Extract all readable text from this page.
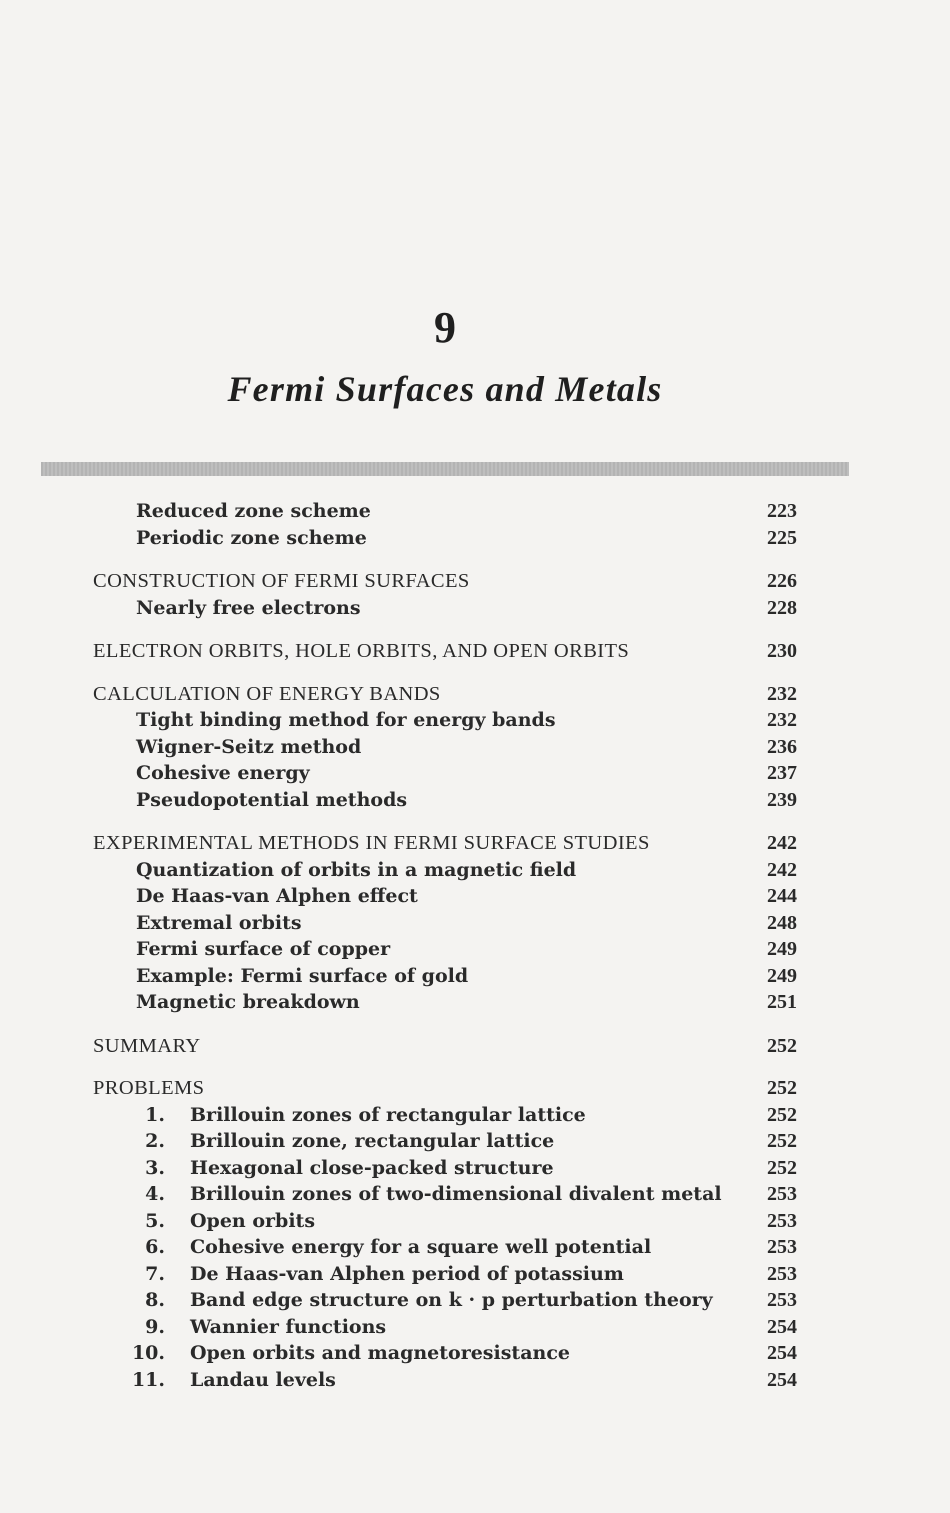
9
Fermi Surfaces and Metals
Reduced zone scheme	223
Periodic zone scheme	225
CONSTRUCTION OF FERMI SURFACES	226
Nearly free electrons	228
ELECTRON ORBITS, HOLE ORBITS, AND OPEN ORBITS	230
CALCULATION OF ENERGY BANDS	232
Tight binding method for energy bands	232
Wigner-Seitz method	236
Cohesive energy	237
Pseudopotential methods	239
EXPERIMENTAL METHODS IN FERMI SURFACE STUDIES	242
Quantization of orbits in a magnetic field	242
De Haas-van Alphen effect	244
Extremal orbits	248
Fermi surface of copper	249
Example: Fermi surface of gold	249
Magnetic breakdown	251
SUMMARY	252
PROBLEMS	252
1. Brillouin zones of rectangular lattice	252
2. Brillouin zone, rectangular lattice	252
3. Hexagonal close-packed structure	252
4. Brillouin zones of two-dimensional divalent metal 253
5. Open orbits	253
6. Cohesive energy for a square well potential	253
7. De Haas-van Alphen period of potassium	253
8. Band edge structure on k · p perturbation theory	253
9. Wannier functions	254
10. Open orbits and magnetoresistance	254
11. Landau levels	254
